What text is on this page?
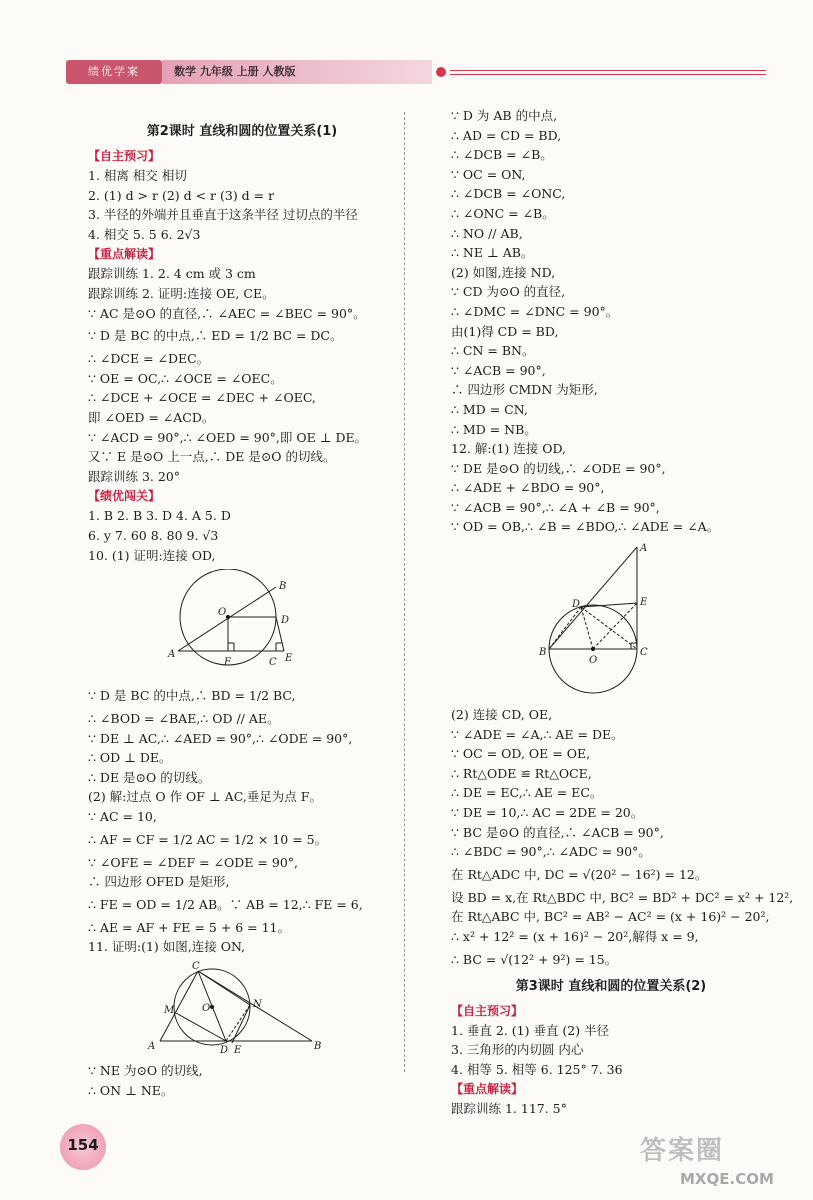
绩优学案	数学 九年级 上册 人教版
第2课时 直线和圆的位置关系(1)
【自主预习】
1. 相离 相交 相切
2. (1) d > r (2) d < r (3) d = r
3. 半径的外端并且垂直于这条半径 过切点的半径
4. 相交 5. 5 6. 2√3
【重点解读】
跟踪训练 1. 2. 4 cm 或 3 cm
跟踪训练 2. 证明:连接 OE, CE。
∵ AC 是⊙O 的直径,∴ ∠AEC = ∠BEC = 90°。
∵ D 是 BC 的中点,∴ ED = 1/2 BC = DC。
∴ ∠DCE = ∠DEC。
∵ OE = OC,∴ ∠OCE = ∠OEC。
∴ ∠DCE + ∠OCE = ∠DEC + ∠OEC,
即 ∠OED = ∠ACD。
∵ ∠ACD = 90°,∴ ∠OED = 90°,即 OE ⊥ DE。
又∵ E 是⊙O 上一点,∴ DE 是⊙O 的切线。
跟踪训练 3. 20°
【绩优闯关】
1. B 2. B 3. D 4. A 5. D
6. y 7. 60 8. 80 9. √3
10. (1) 证明:连接 OD,
B
O
D
A
F	C E
∵ D 是 BC 的中点,∴ BD = 1/2 BC,
∴ ∠BOD = ∠BAE,∴ OD // AE。
∵ DE ⊥ AC,∴ ∠AED = 90°,∴ ∠ODE = 90°,
∴ OD ⊥ DE。
∴ DE 是⊙O 的切线。
(2) 解:过点 O 作 OF ⊥ AC,垂足为点 F。
∵ AC = 10,
∴ AF = CF = 1/2 AC = 1/2 × 10 = 5。
∵ ∠OFE = ∠DEF = ∠ODE = 90°,
∴ 四边形 OFED 是矩形,
∴ FE = OD = 1/2 AB。∵ AB = 12,∴ FE = 6,
∴ AE = AF + FE = 5 + 6 = 11。
11. 证明:(1) 如图,连接 ON,
C
M	O	N
A	D E	B
∵ NE 为⊙O 的切线,
∴ ON ⊥ NE。
∵ D 为 AB 的中点,
∴ AD = CD = BD,
∴ ∠DCB = ∠B。
∵ OC = ON,
∴ ∠DCB = ∠ONC,
∴ ∠ONC = ∠B。
∴ NO // AB,
∴ NE ⊥ AB。
(2) 如图,连接 ND,
∵ CD 为⊙O 的直径,
∴ ∠DMC = ∠DNC = 90°。
由(1)得 CD = BD,
∴ CN = BN。
∵ ∠ACB = 90°,
∴ 四边形 CMDN 为矩形,
∴ MD = CN,
∴ MD = NB。
12. 解:(1) 连接 OD,
∵ DE 是⊙O 的切线,∴ ∠ODE = 90°,
∴ ∠ADE + ∠BDO = 90°,
∵ ∠ACB = 90°,∴ ∠A + ∠B = 90°,
∵ OD = OB,∴ ∠B = ∠BDO,∴ ∠ADE = ∠A。
A
D	E
B
O
C
(2) 连接 CD, OE,
∵ ∠ADE = ∠A,∴ AE = DE。
∵ OC = OD, OE = OE,
∴ Rt△ODE ≌ Rt△OCE,
∴ DE = EC,∴ AE = EC。
∵ DE = 10,∴ AC = 2DE = 20。
∵ BC 是⊙O 的直径,∴ ∠ACB = 90°,
∴ ∠BDC = 90°,∴ ∠ADC = 90°。
在 Rt△ADC 中, DC = √(20² − 16²) = 12。
设 BD = x,在 Rt△BDC 中, BC² = BD² + DC² = x² + 12²,
在 Rt△ABC 中, BC² = AB² − AC² = (x + 16)² − 20²,
∴ x² + 12² = (x + 16)² − 20²,解得 x = 9,
∴ BC = √(12² + 9²) = 15。
第3课时 直线和圆的位置关系(2)
【自主预习】
1. 垂直 2. (1) 垂直 (2) 半径
3. 三角形的内切圆 内心
4. 相等 5. 相等 6. 125° 7. 36
【重点解读】
跟踪训练 1. 117. 5°
154	答案圈
MXQE.COM
